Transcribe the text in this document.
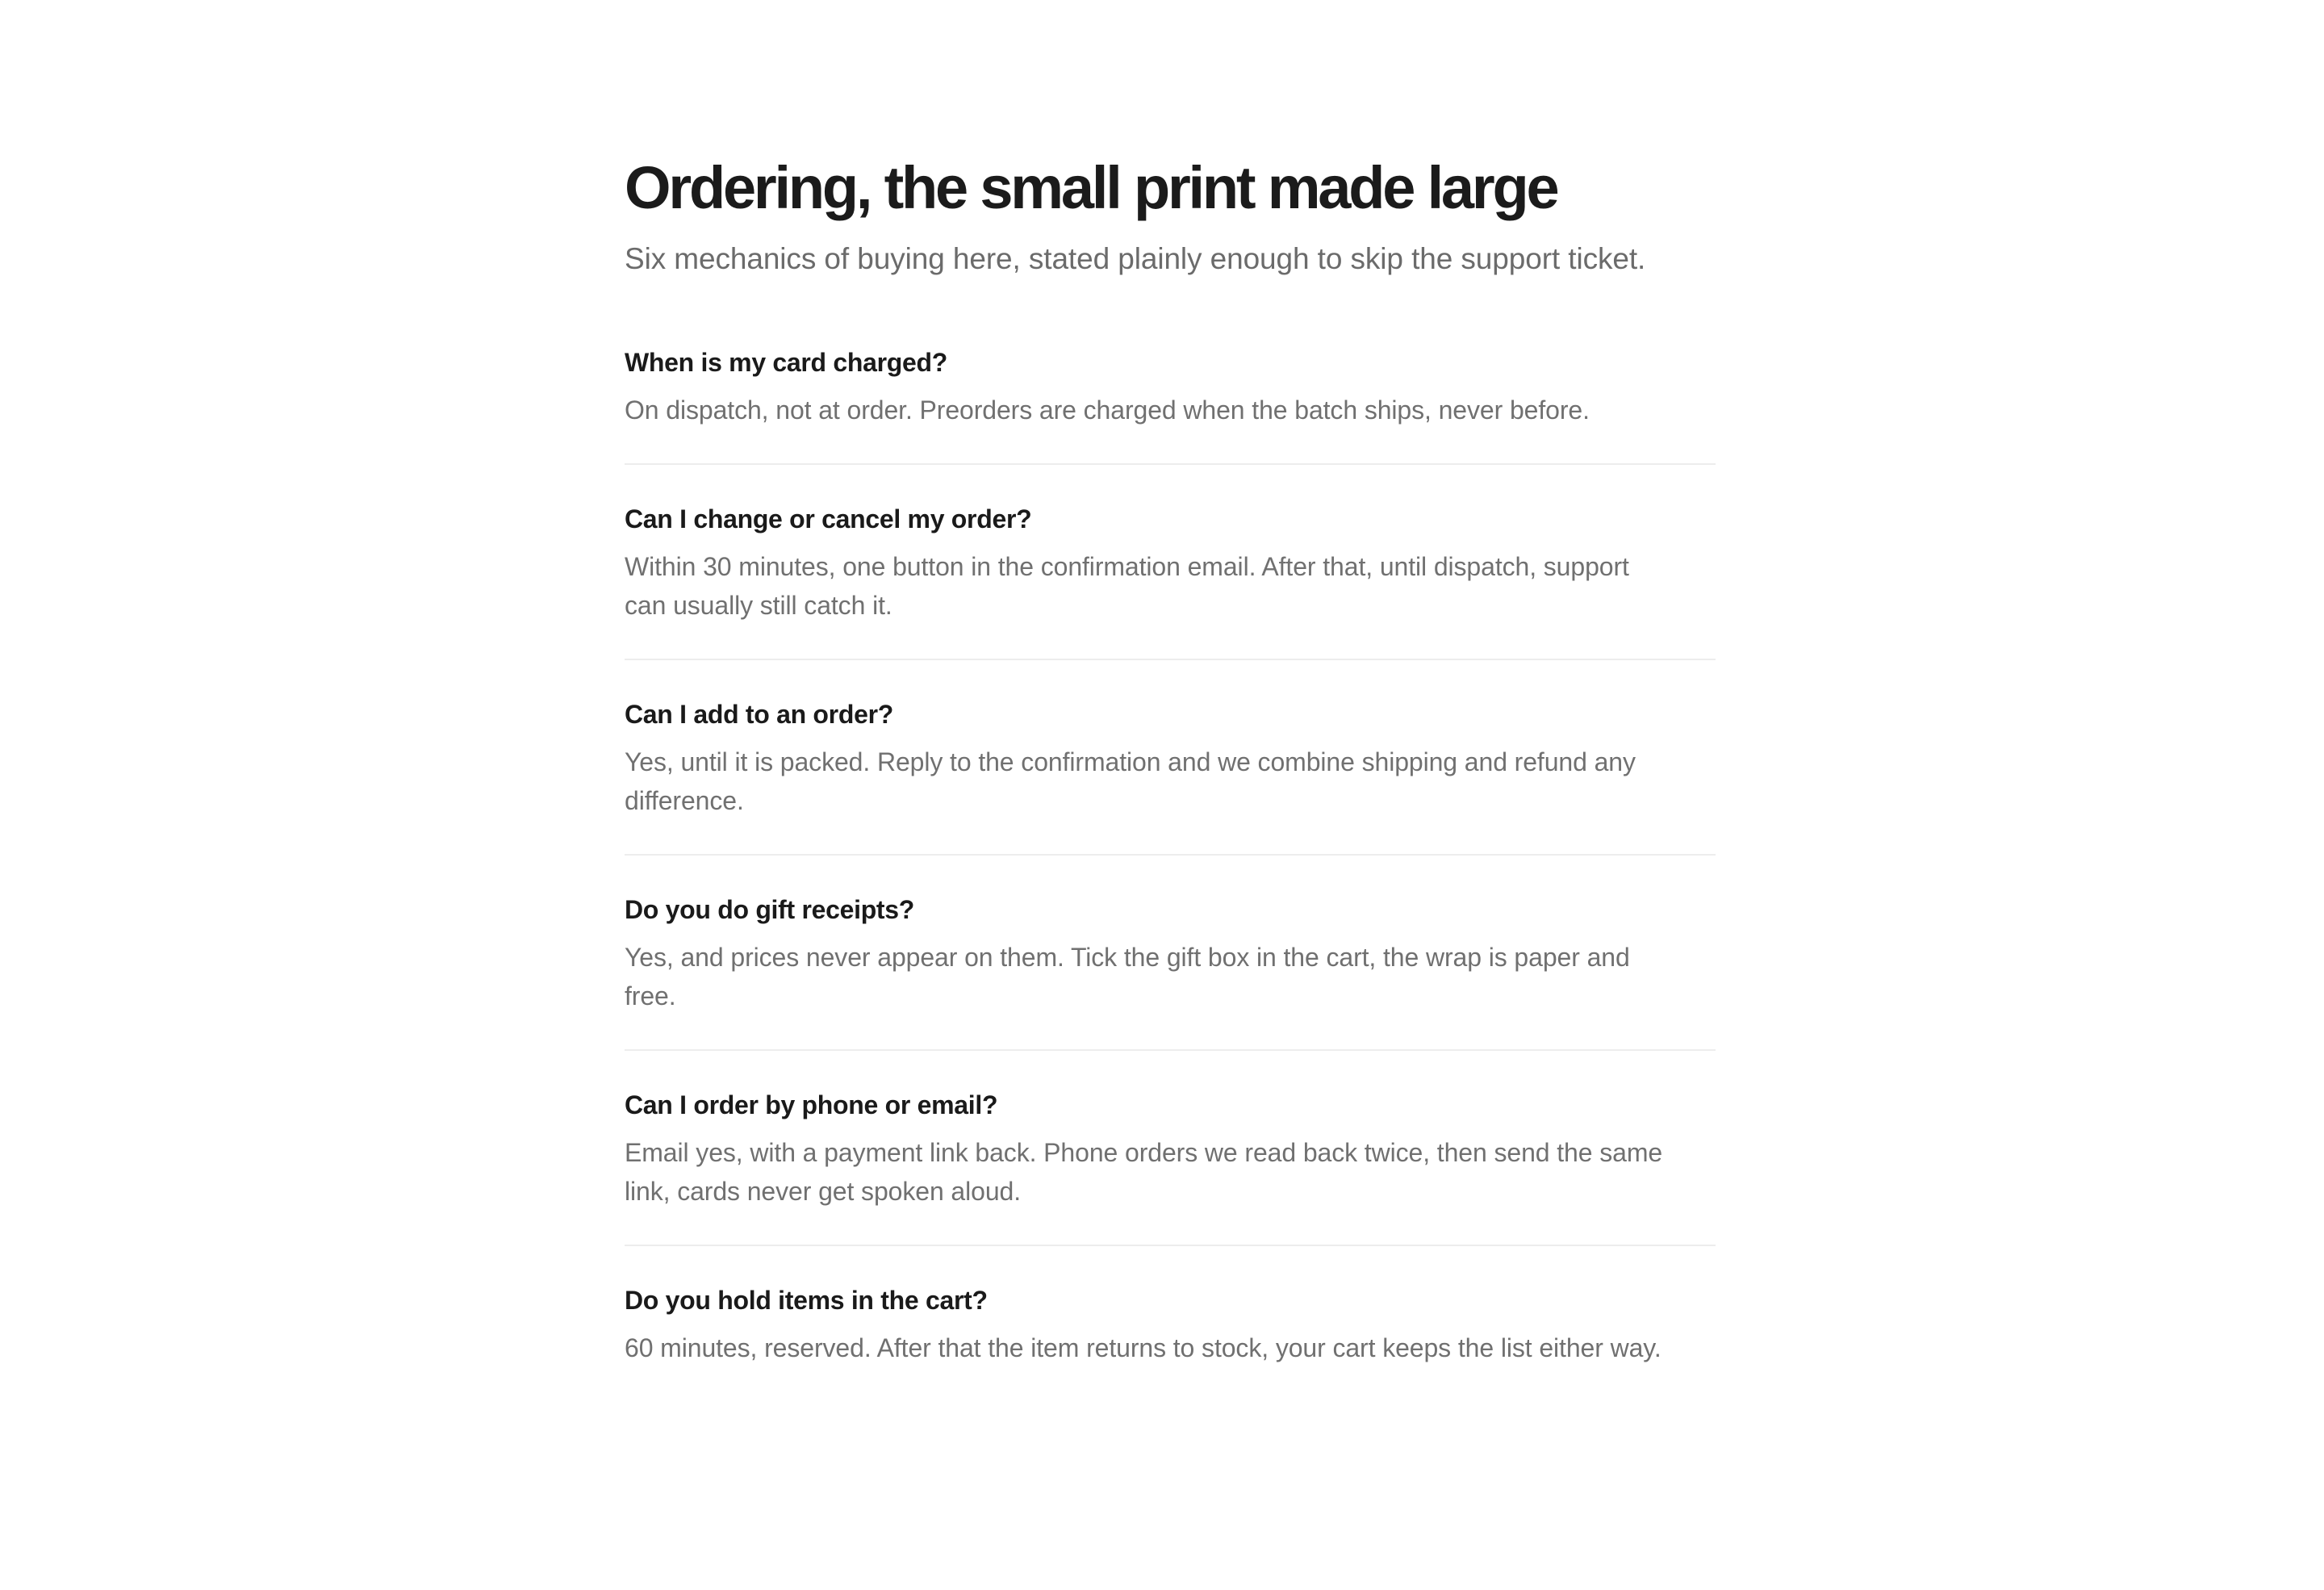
Ordering, the small print made large

Six mechanics of buying here, stated plainly enough to skip the support ticket.

When is my card charged?

On dispatch, not at order. Preorders are charged when the batch ships, never before.

Can I change or cancel my order?

Within 30 minutes, one button in the confirmation email. After that, until dispatch, support can usually still catch it.

Can I add to an order?

Yes, until it is packed. Reply to the confirmation and we combine shipping and refund any difference.

Do you do gift receipts?

Yes, and prices never appear on them. Tick the gift box in the cart, the wrap is paper and free.

Can I order by phone or email?

Email yes, with a payment link back. Phone orders we read back twice, then send the same link, cards never get spoken aloud.

Do you hold items in the cart?

60 minutes, reserved. After that the item returns to stock, your cart keeps the list either way.
